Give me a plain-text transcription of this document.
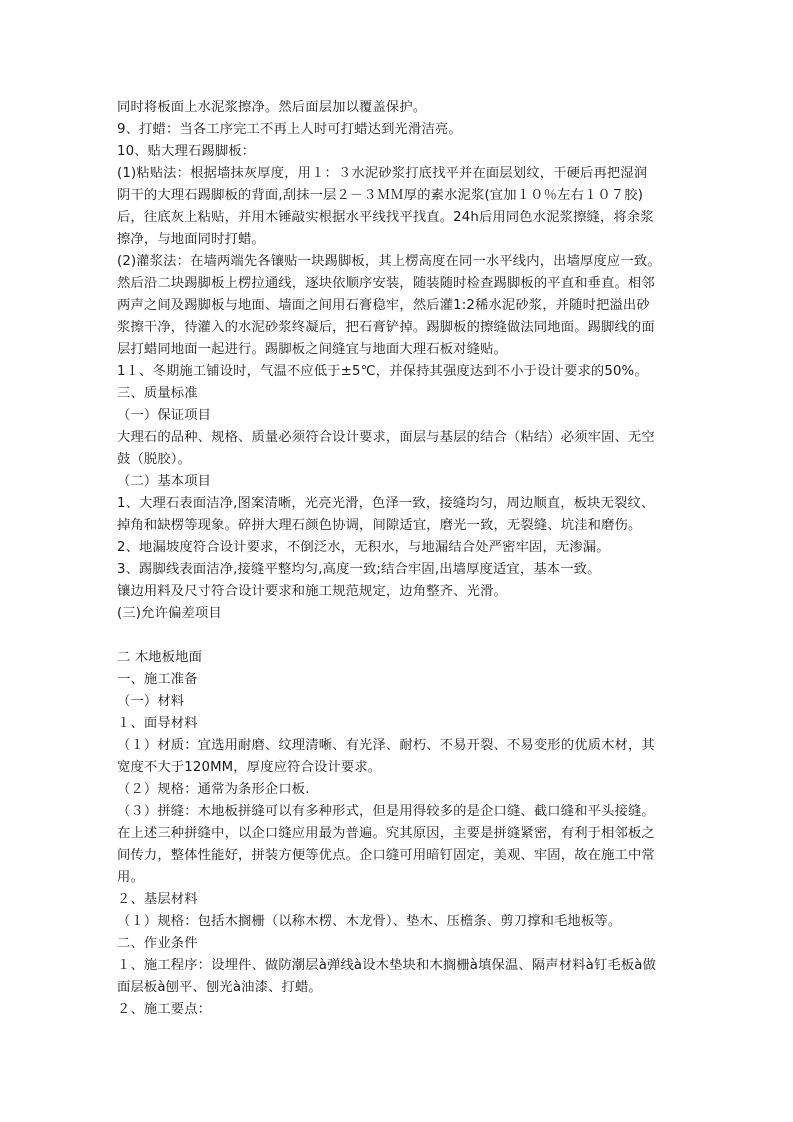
同时将板面上水泥浆擦净。然后面层加以覆盖保护。
9、打蜡：当各工序完工不再上人时可打蜡达到光滑洁亮。
10、贴大理石踢脚板：
(1)粘贴法：根据墙抹灰厚度，用１：３水泥砂浆打底找平并在面层划纹，干硬后再把湿润
阴干的大理石踢脚板的背面,刮抹一层２－３ＭＭ厚的素水泥浆(宜加１０％左右１０７胶)
后，往底灰上粘贴，并用木锤敲实根据水平线找平找直。24h后用同色水泥浆擦缝，将余浆
擦净，与地面同时打蜡。
(2)灌浆法：在墙两端先各镶贴一块踢脚板，其上楞高度在同一水平线内，出墙厚度应一致。
然后沿二块踢脚板上楞拉通线，逐块依顺序安装，随装随时检查踢脚板的平直和垂直。相邻
两声之间及踢脚板与地面、墙面之间用石膏稳牢，然后灌1:2稀水泥砂浆，并随时把溢出砂
浆擦干净，待灌入的水泥砂浆终凝后，把石膏铲掉。踢脚板的擦缝做法同地面。踢脚线的面
层打蜡同地面一起进行。踢脚板之间缝宜与地面大理石板对缝贴。
1１、冬期施工铺设时，气温不应低于±5℃，并保持其强度达到不小于设计要求的50%。
三、质量标准
（一）保证项目
大理石的品种、规格、质量必须符合设计要求，面层与基层的结合（粘结）必须牢固、无空
鼓（脱胶）。
（二）基本项目
1、大理石表面洁净,图案清晰，光亮光滑，色泽一致，接缝均匀，周边顺直，板块无裂纹、
掉角和缺楞等现象。碎拼大理石颜色协调，间隙适宜，磨光一致，无裂缝、坑洼和磨伤。
2、地漏坡度符合设计要求，不倒泛水，无积水，与地漏结合处严密牢固，无渗漏。
3、踢脚线表面洁净,接缝平整均匀,高度一致;结合牢固,出墙厚度适宜，基本一致。
镶边用料及尺寸符合设计要求和施工规范规定，边角整齐、光滑。
(三)允许偏差项目
二 木地板地面
一、施工准备
（一）材料
１、面导材料
（１）材质：宜选用耐磨、纹理清晰、有光泽、耐朽、不易开裂、不易变形的优质木材，其
宽度不大于120MM，厚度应符合设计要求。
（２）规格：通常为条形企口板.
（３）拼缝：木地板拼缝可以有多种形式，但是用得较多的是企口缝、截口缝和平头接缝。
在上述三种拼缝中，以企口缝应用最为普遍。究其原因，主要是拼缝紧密，有利于相邻板之
间传力，整体性能好，拼装方便等优点。企口缝可用暗钉固定，美观、牢固，故在施工中常
用。
２、基层材料
（１）规格：包括木搁栅（以称木楞、木龙骨）、垫木、压檐条、剪刀撑和毛地板等。
二、作业条件
１、施工程序：设埋件、做防潮层à弹线à设木垫块和木搁栅à填保温、隔声材料à钉毛板à做
面层板à刨平、刨光à油漆、打蜡。
２、施工要点：
